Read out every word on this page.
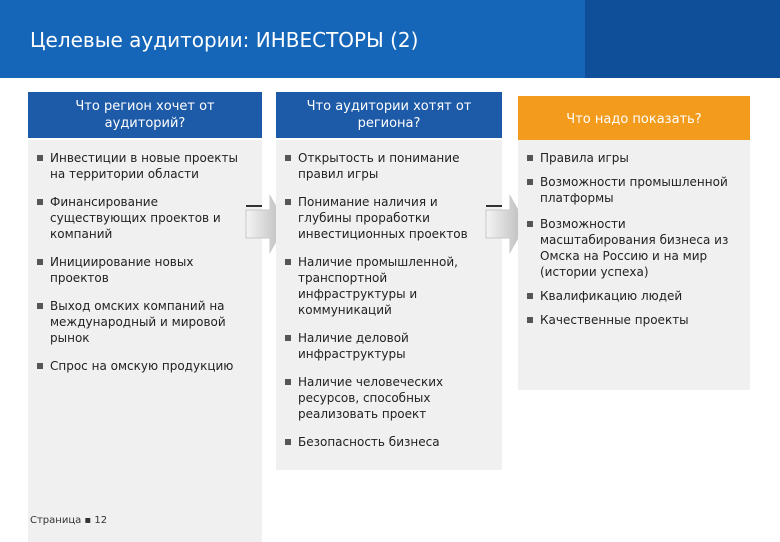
Целевые аудитории: ИНВЕСТОРЫ (2)
Что регион хочет от аудиторий?
Инвестиции в новые проекты на территории области
Финансирование существующих проектов и компаний
Инициирование новых проектов
Выход омских компаний на международный и мировой рынок
Спрос на омскую продукцию
Что аудитории хотят от региона?
Открытость и понимание правил игры
Понимание наличия и глубины проработки инвестиционных проектов
Наличие промышленной, транспортной инфраструктуры и коммуникаций
Наличие деловой инфраструктуры
Наличие человеческих ресурсов, способных реализовать проект
Безопасность бизнеса
Что надо показать?
Правила игры
Возможности промышленной платформы
Возможности масштабирования бизнеса из Омска на Россию и на мир (истории успеха)
Квалификацию людей
Качественные проекты
Страница ▪ 12
